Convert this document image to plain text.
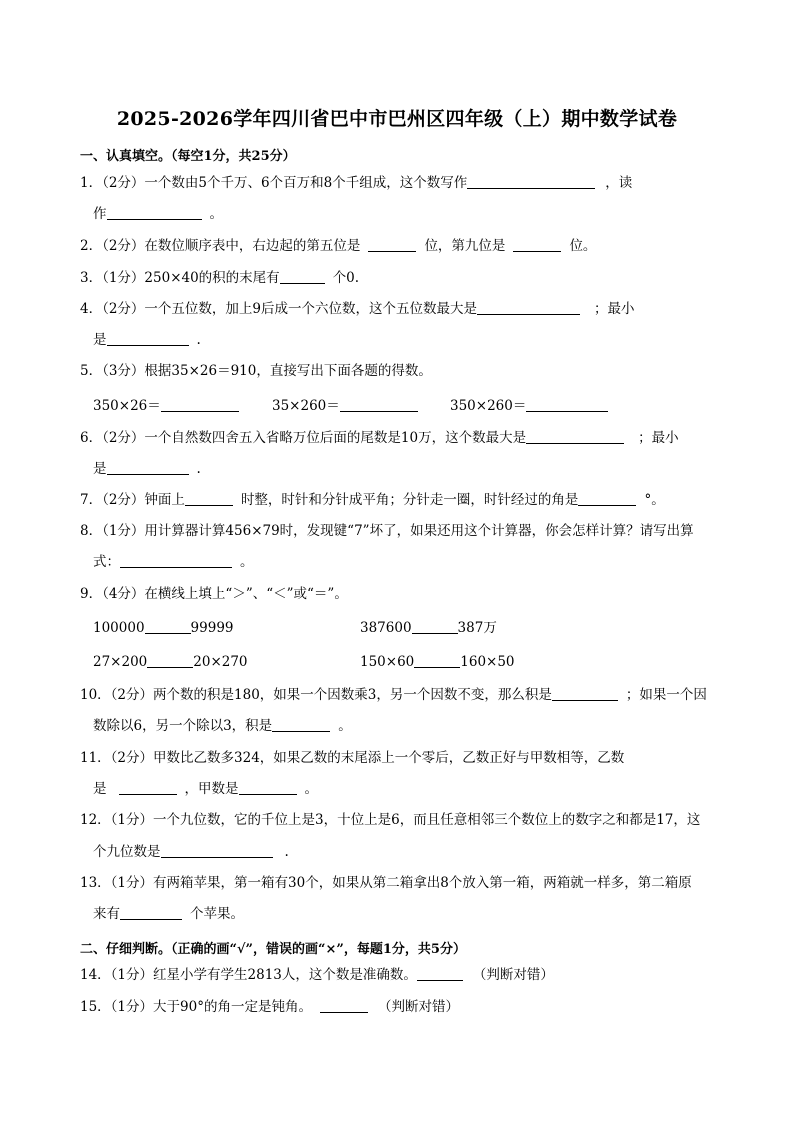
2025-2026学年四川省巴中市巴州区四年级（上）期中数学试卷
一、认真填空。（每空1分，共25分）
1．（2分）一个数由5个千万、6个百万和8个千组成，这个数写作	，读
作	。
2．（2分）在数位顺序表中，右边起的第五位是	位，第九位是	位。
3．（1分）250×40的积的末尾有	个0.
4．（2分）一个五位数，加上9后成一个六位数，这个五位数最大是	；最小
是	.
5．（3分）根据35×26＝910，直接写出下面各题的得数。
350×26＝	35×260＝	350×260＝
6．（2分）一个自然数四舍五入省略万位后面的尾数是10万，这个数最大是	；最小
是	.
7．（2分）钟面上	时整，时针和分针成平角；分针走一圈，时针经过的角是	°。
8．（1分）用计算器计算456×79时，发现键“7”坏了，如果还用这个计算器，你会怎样计算？请写出算
式：	。
9．（4分）在横线上填上“＞”、“＜”或“＝”。
100000	99999	387600	387万
27×200	20×270	150×60	160×50
10．（2分）两个数的积是180，如果一个因数乘3，另一个因数不变，那么积是	；如果一个因
数除以6，另一个除以3，积是	。
11．（2分）甲数比乙数多324，如果乙数的末尾添上一个零后，乙数正好与甲数相等，乙数
是	，甲数是	。
12．（1分）一个九位数，它的千位上是3，十位上是6，而且任意相邻三个数位上的数字之和都是17，这
个九位数是	.
13．（1分）有两箱苹果，第一箱有30个，如果从第二箱拿出8个放入第一箱，两箱就一样多，第二箱原
来有	个苹果。
二、仔细判断。（正确的画“√”，错误的画“×”，每题1分，共5分）
14．（1分）红星小学有学生2813人，这个数是准确数。	（判断对错）
15．（1分）大于90°的角一定是钝角。	（判断对错）
